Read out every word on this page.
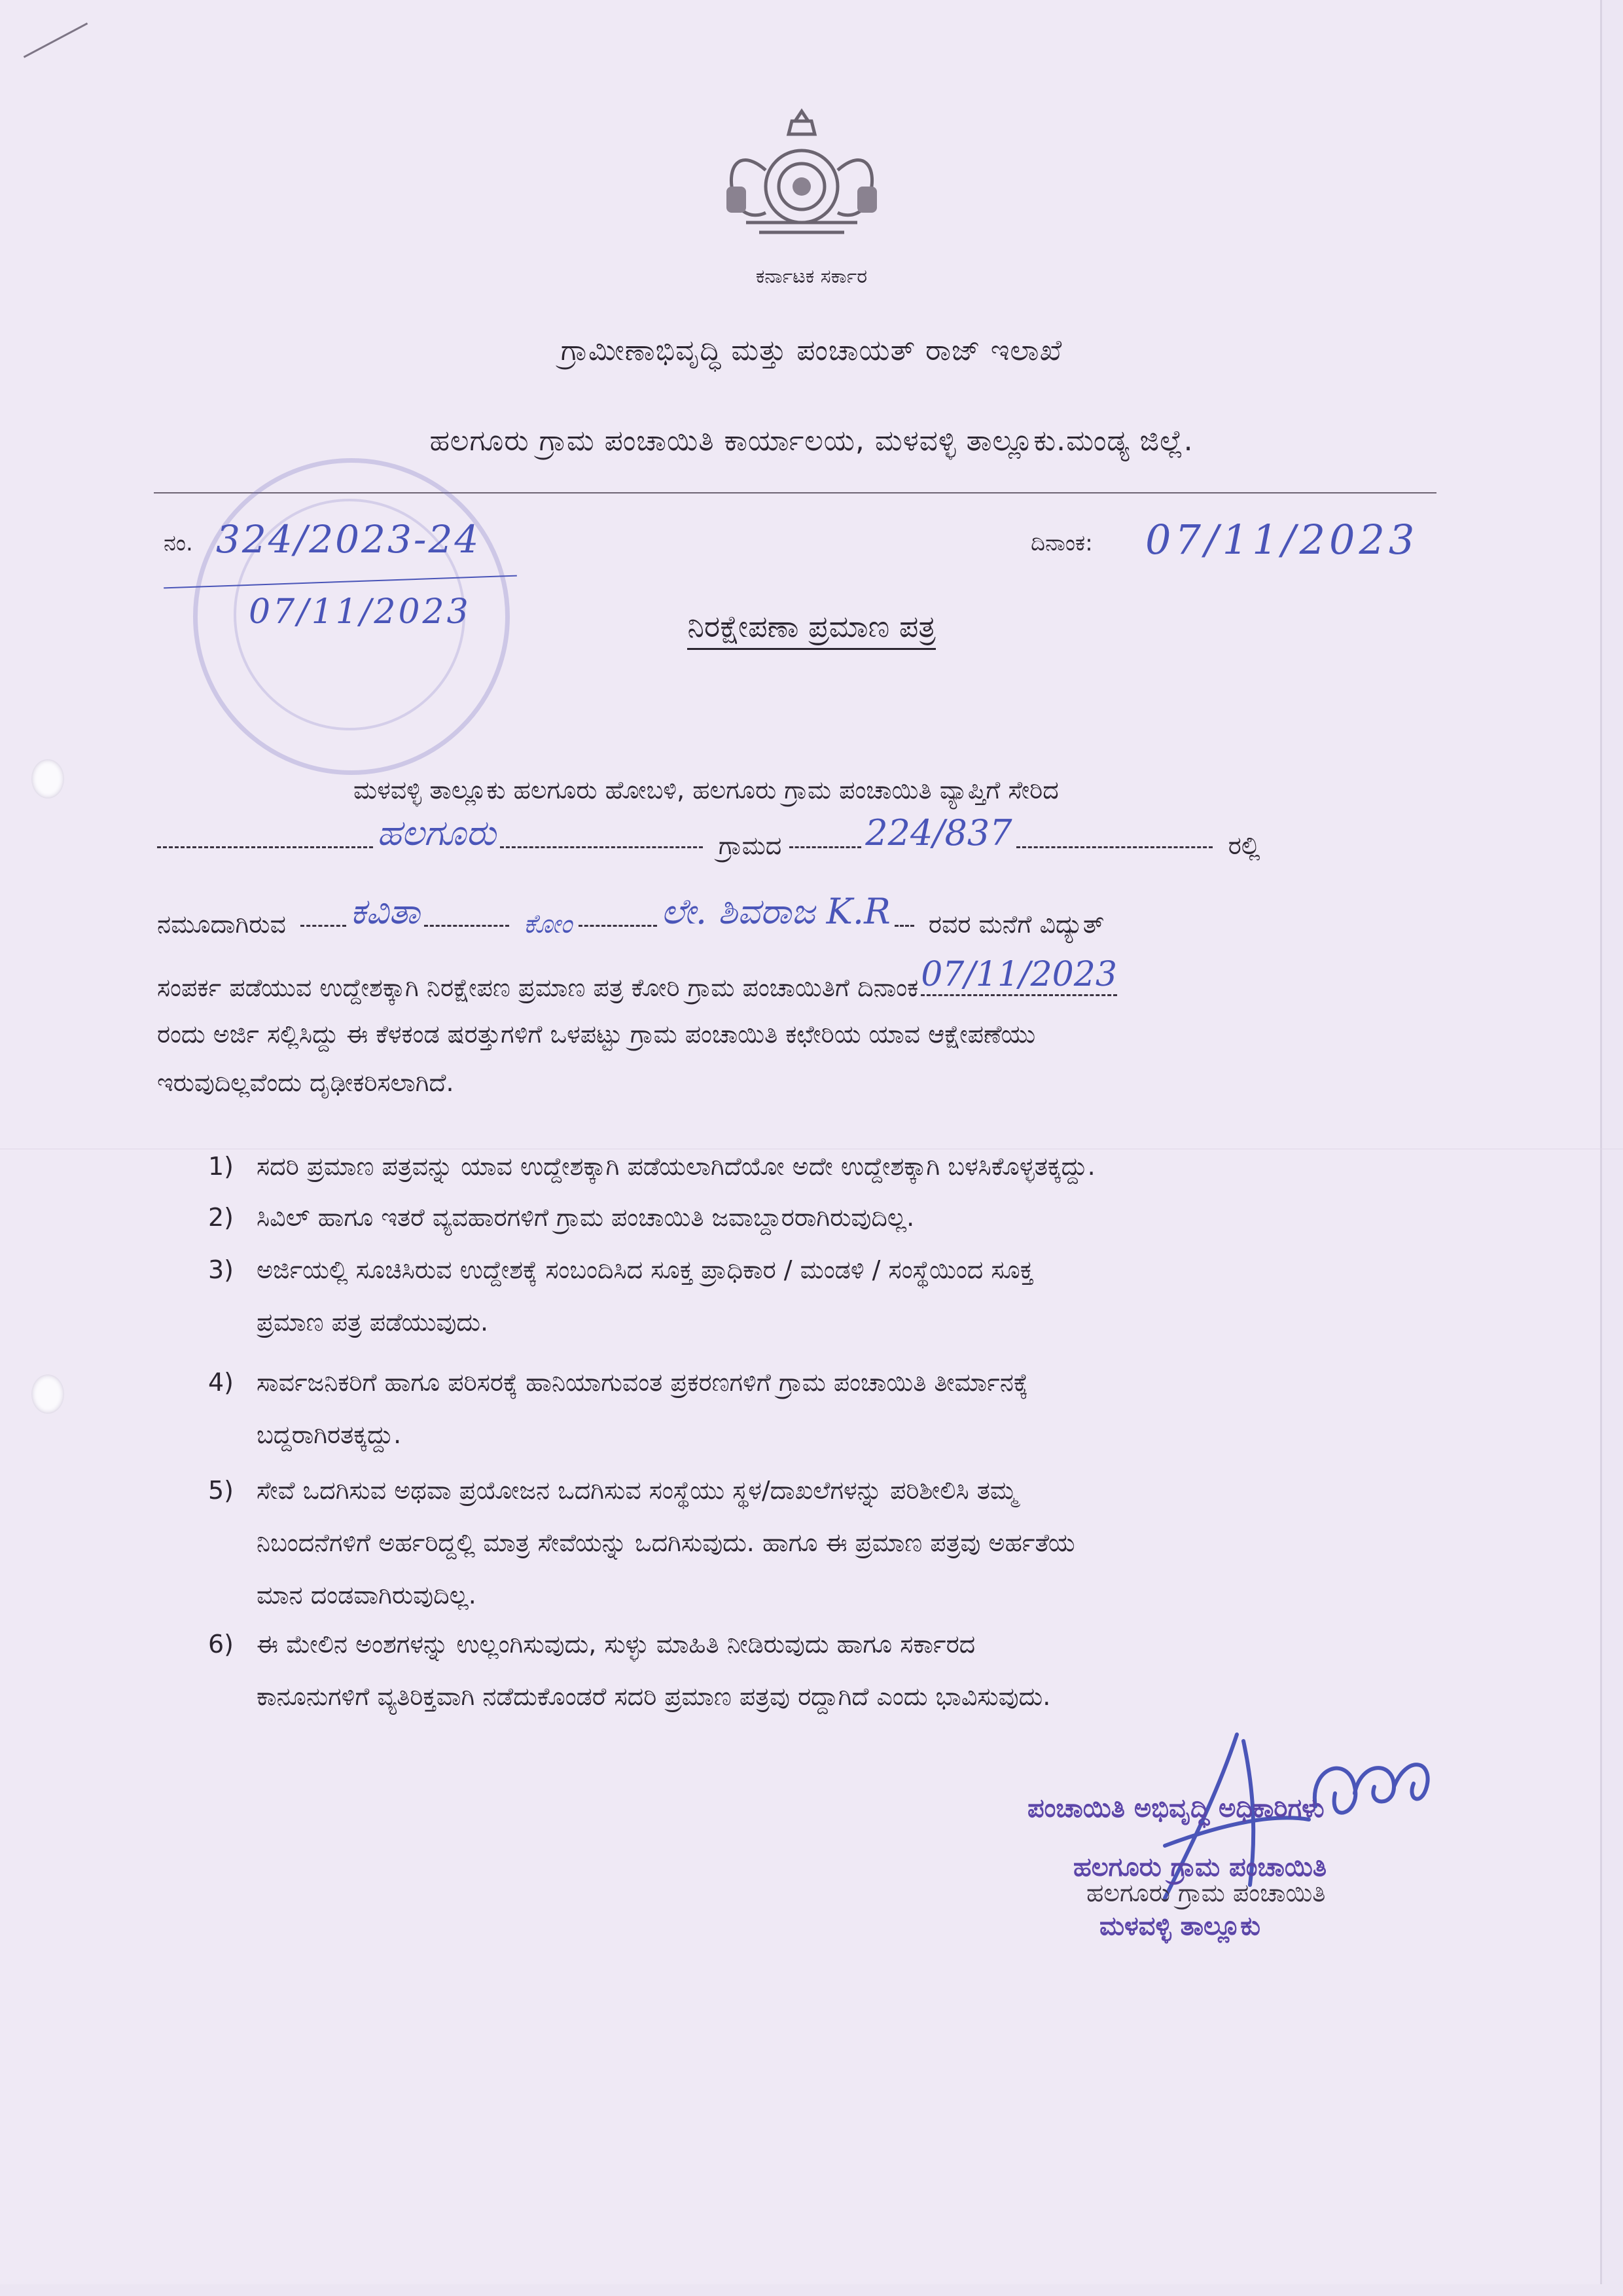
ಕರ್ನಾಟಕ ಸರ್ಕಾರ
ಗ್ರಾಮೀಣಾಭಿವೃದ್ಧಿ ಮತ್ತು ಪಂಚಾಯತ್ ರಾಜ್ ಇಲಾಖೆ
ಹಲಗೂರು ಗ್ರಾಮ ಪಂಚಾಯಿತಿ ಕಾರ್ಯಾಲಯ, ಮಳವಳ್ಳಿ ತಾಲ್ಲೂಕು.ಮಂಡ್ಯ ಜಿಲ್ಲೆ.
ನಂ. 324/2023-24
07/11/2023
ದಿನಾಂಕ: 07/11/2023
ನಿರಕ್ಷೇಪಣಾ ಪ್ರಮಾಣ ಪತ್ರ
ಮಳವಳ್ಳಿ ತಾಲ್ಲೂಕು ಹಲಗೂರು ಹೋಬಳಿ, ಹಲಗೂರು ಗ್ರಾಮ ಪಂಚಾಯಿತಿ ವ್ಯಾಪ್ತಿಗೆ ಸೇರಿದ
ಹಲಗೂರು	ಗ್ರಾಮದ 224/837	ರಲ್ಲಿ
ನಮೂದಾಗಿರುವ ಕವಿತಾ	ಕೋಂ	ಲೇ. ಶಿವರಾಜ K.R ರವರ ಮನೆಗೆ ವಿದ್ಯುತ್
ಸಂಪರ್ಕ ಪಡೆಯುವ ಉದ್ದೇಶಕ್ಕಾಗಿ ನಿರಕ್ಷೇಪಣ ಪ್ರಮಾಣ ಪತ್ರ ಕೋರಿ ಗ್ರಾಮ ಪಂಚಾಯಿತಿಗೆ ದಿನಾಂಕ07/11/2023
ರಂದು ಅರ್ಜಿ ಸಲ್ಲಿಸಿದ್ದು ಈ ಕೆಳಕಂಡ ಷರತ್ತುಗಳಿಗೆ ಒಳಪಟ್ಟು ಗ್ರಾಮ ಪಂಚಾಯಿತಿ ಕಛೇರಿಯ ಯಾವ ಆಕ್ಷೇಪಣೆಯು
ಇರುವುದಿಲ್ಲವೆಂದು ದೃಢೀಕರಿಸಲಾಗಿದೆ.
1) ಸದರಿ ಪ್ರಮಾಣ ಪತ್ರವನ್ನು ಯಾವ ಉದ್ದೇಶಕ್ಕಾಗಿ ಪಡೆಯಲಾಗಿದೆಯೋ ಅದೇ ಉದ್ದೇಶಕ್ಕಾಗಿ ಬಳಸಿಕೊಳ್ಳತಕ್ಕದ್ದು.
2) ಸಿವಿಲ್ ಹಾಗೂ ಇತರೆ ವ್ಯವಹಾರಗಳಿಗೆ ಗ್ರಾಮ ಪಂಚಾಯಿತಿ ಜವಾಬ್ದಾರರಾಗಿರುವುದಿಲ್ಲ.
3) ಅರ್ಜಿಯಲ್ಲಿ ಸೂಚಿಸಿರುವ ಉದ್ದೇಶಕ್ಕೆ ಸಂಬಂದಿಸಿದ ಸೂಕ್ತ ಪ್ರಾಧಿಕಾರ / ಮಂಡಳಿ / ಸಂಸ್ಥೆಯಿಂದ ಸೂಕ್ತ
ಪ್ರಮಾಣ ಪತ್ರ ಪಡೆಯುವುದು.
4) ಸಾರ್ವಜನಿಕರಿಗೆ ಹಾಗೂ ಪರಿಸರಕ್ಕೆ ಹಾನಿಯಾಗುವಂತ ಪ್ರಕರಣಗಳಿಗೆ ಗ್ರಾಮ ಪಂಚಾಯಿತಿ ತೀರ್ಮಾನಕ್ಕೆ
ಬದ್ದರಾಗಿರತಕ್ಕದ್ದು.
5) ಸೇವೆ ಒದಗಿಸುವ ಅಥವಾ ಪ್ರಯೋಜನ ಒದಗಿಸುವ ಸಂಸ್ಥೆಯು ಸ್ಥಳ/ದಾಖಲೆಗಳನ್ನು ಪರಿಶೀಲಿಸಿ ತಮ್ಮ
ನಿಬಂದನೆಗಳಿಗೆ ಅರ್ಹರಿದ್ದಲ್ಲಿ ಮಾತ್ರ ಸೇವೆಯನ್ನು ಒದಗಿಸುವುದು. ಹಾಗೂ ಈ ಪ್ರಮಾಣ ಪತ್ರವು ಅರ್ಹತೆಯ
ಮಾನ ದಂಡವಾಗಿರುವುದಿಲ್ಲ.
6) ಈ ಮೇಲಿನ ಅಂಶಗಳನ್ನು ಉಲ್ಲಂಗಿಸುವುದು, ಸುಳ್ಳು ಮಾಹಿತಿ ನೀಡಿರುವುದು ಹಾಗೂ ಸರ್ಕಾರದ
ಕಾನೂನುಗಳಿಗೆ ವ್ಯತಿರಿಕ್ತವಾಗಿ ನಡೆದುಕೊಂಡರೆ ಸದರಿ ಪ್ರಮಾಣ ಪತ್ರವು ರದ್ದಾಗಿದೆ ಎಂದು ಭಾವಿಸುವುದು.
ಪಂಚಾಯಿತಿ ಅಭಿವೃದ್ಧಿ ಅಧಿಕಾರಿಗಳು
ಹಲಗೂರು ಗ್ರಾಮ ಪಂಚಾಯಿತಿ
ಹಲಗೂರು ಗ್ರಾಮ ಪಂಚಾಯಿತಿ
ಮಳವಳ್ಳಿ ತಾಲ್ಲೂಕು
